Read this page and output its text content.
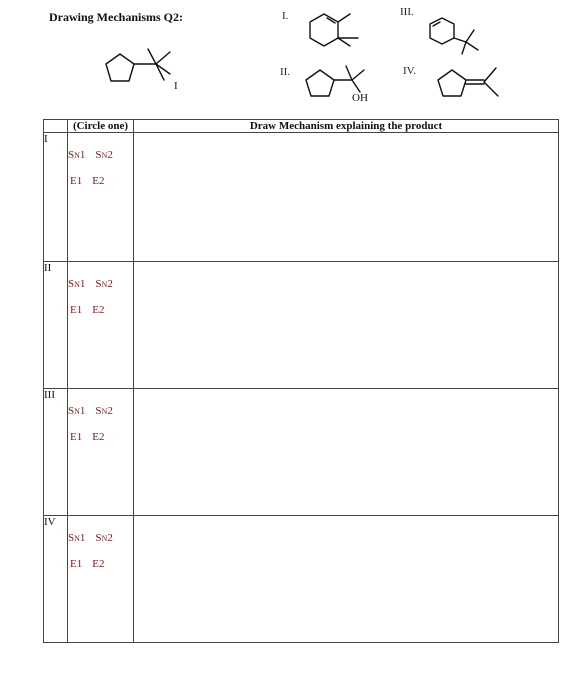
Drawing Mechanisms Q2:
I
I.	III.
II.
OH
IV.
	(Circle one)	Draw Mechanism explaining the product
I	SN1 SN2
E1 E2	

II	SN1 SN2
E1 E2	

III	SN1 SN2
E1 E2	

IV	SN1 SN2
E1 E2	
